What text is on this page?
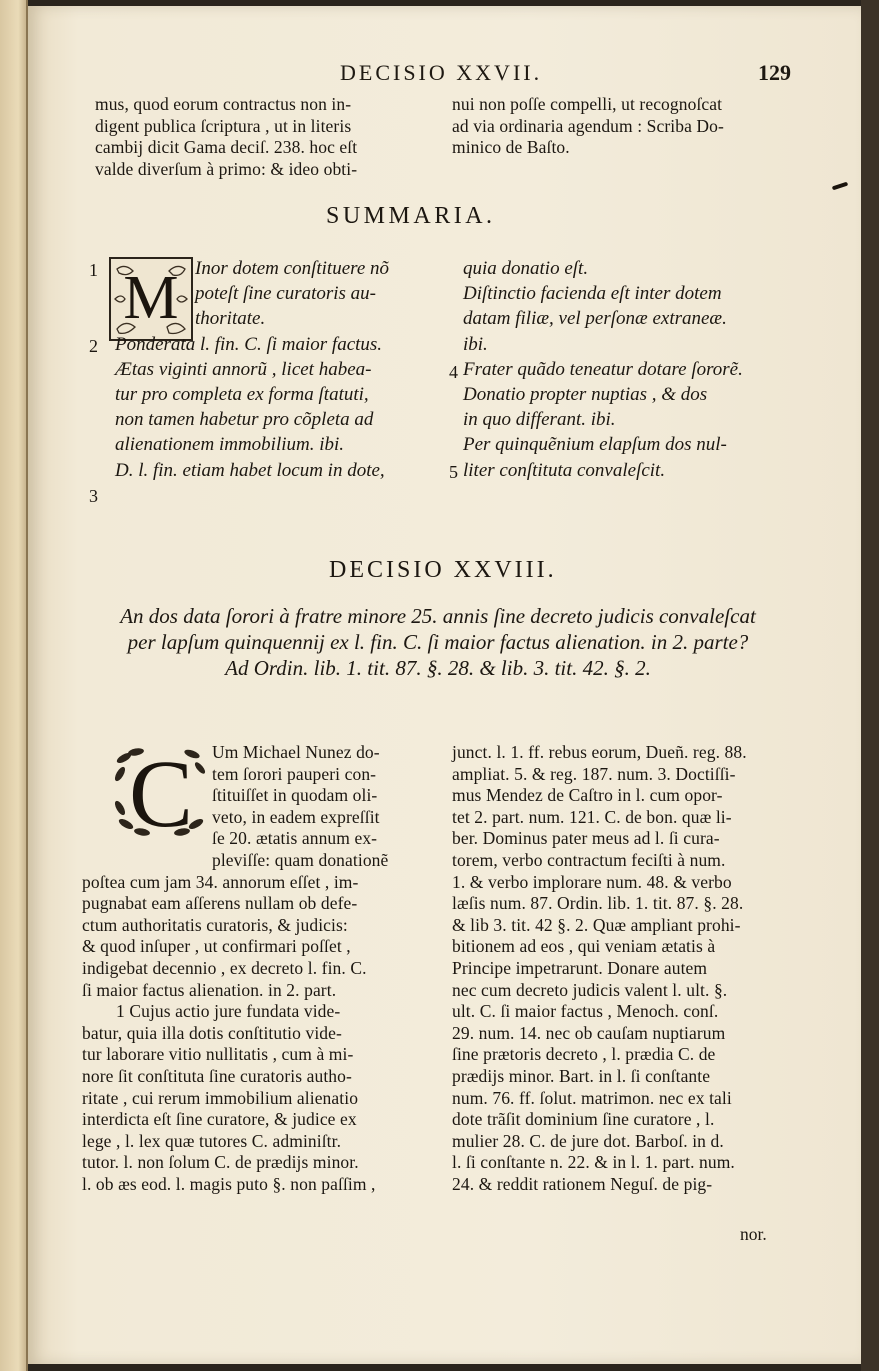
DECISIO XXVII.	129
mus, quod eorum contractus non in-
digent publica ſcriptura , ut in literis
cambij dicit Gama deciſ. 238. hoc eſt
valde diverſum à primo: & ideo obti-
nui non poſſe compelli, ut recognoſcat
ad via ordinaria agendum : Scriba Do-
minico de Baſto.
SUMMARIA.
M
1
2
3
Inor dotem conſtituere nõ
poteſt ſine curatoris au-
thoritate.
Ponderata l. fin. C. ſi maior factus.
Ætas viginti annorũ , licet habea-
tur pro completa ex forma ſtatuti,
non tamen habetur pro cõpleta ad
alienationem immobilium. ibi.
D. l. fin. etiam habet locum in dote,
4
5
quia donatio eſt.
Diſtinctio facienda eſt inter dotem
datam filiæ, vel perſonæ extraneæ.
ibi.
Frater quãdo teneatur dotare ſororẽ.
Donatio propter nuptias , & dos
in quo differant. ibi.
Per quinquẽnium elapſum dos nul-
liter conſtituta convaleſcit.
DECISIO XXVIII.
An dos data ſorori à fratre minore 25. annis ſine decreto judicis convaleſcat
per lapſum quinquennij ex l. fin. C. ſi maior factus alienation. in 2. parte?
Ad Ordin. lib. 1. tit. 87. §. 28. & lib. 3. tit. 42. §. 2.
C	Um Michael Nunez do-
tem ſorori pauperi con-
ſtituiſſet in quodam oli-
veto, in eadem expreſſit
ſe 20. ætatis annum ex-
pleviſſe: quam donationẽ
poſtea cum jam 34. annorum eſſet , im-
pugnabat eam aſſerens nullam ob defe-
ctum authoritatis curatoris, & judicis:
& quod inſuper , ut confirmari poſſet ,
indigebat decennio , ex decreto l. fin. C.
ſi maior factus alienation. in 2. part.
1 Cujus actio jure fundata vide-
batur, quia illa dotis conſtitutio vide-
tur laborare vitio nullitatis , cum à mi-
nore ſit conſtituta ſine curatoris autho-
ritate , cui rerum immobilium alienatio
interdicta eſt ſine curatore, & judice ex
lege , l. lex quæ tutores C. adminiſtr.
tutor. l. non ſolum C. de prædijs minor.
l. ob æs eod. l. magis puto §. non paſſim ,
junct. l. 1. ff. rebus eorum, Dueñ. reg. 88.
ampliat. 5. & reg. 187. num. 3. Doctiſſi-
mus Mendez de Caſtro in l. cum opor-
tet 2. part. num. 121. C. de bon. quæ li-
ber. Dominus pater meus ad l. ſi cura-
torem, verbo contractum feciſti à num.
1. & verbo implorare num. 48. & verbo
læſis num. 87. Ordin. lib. 1. tit. 87. §. 28.
& lib 3. tit. 42 §. 2. Quæ ampliant prohi-
bitionem ad eos , qui veniam ætatis à
Principe impetrarunt. Donare autem
nec cum decreto judicis valent l. ult. §.
ult. C. ſi maior factus , Menoch. conſ.
29. num. 14. nec ob cauſam nuptiarum
ſine prætoris decreto , l. prædia C. de
prædijs minor. Bart. in l. ſi conſtante
num. 76. ff. ſolut. matrimon. nec ex tali
dote trãſit dominium ſine curatore , l.
mulier 28. C. de jure dot. Barboſ. in d.
l. ſi conſtante n. 22. & in l. 1. part. num.
24. & reddit rationem Neguſ. de pig-
nor.
